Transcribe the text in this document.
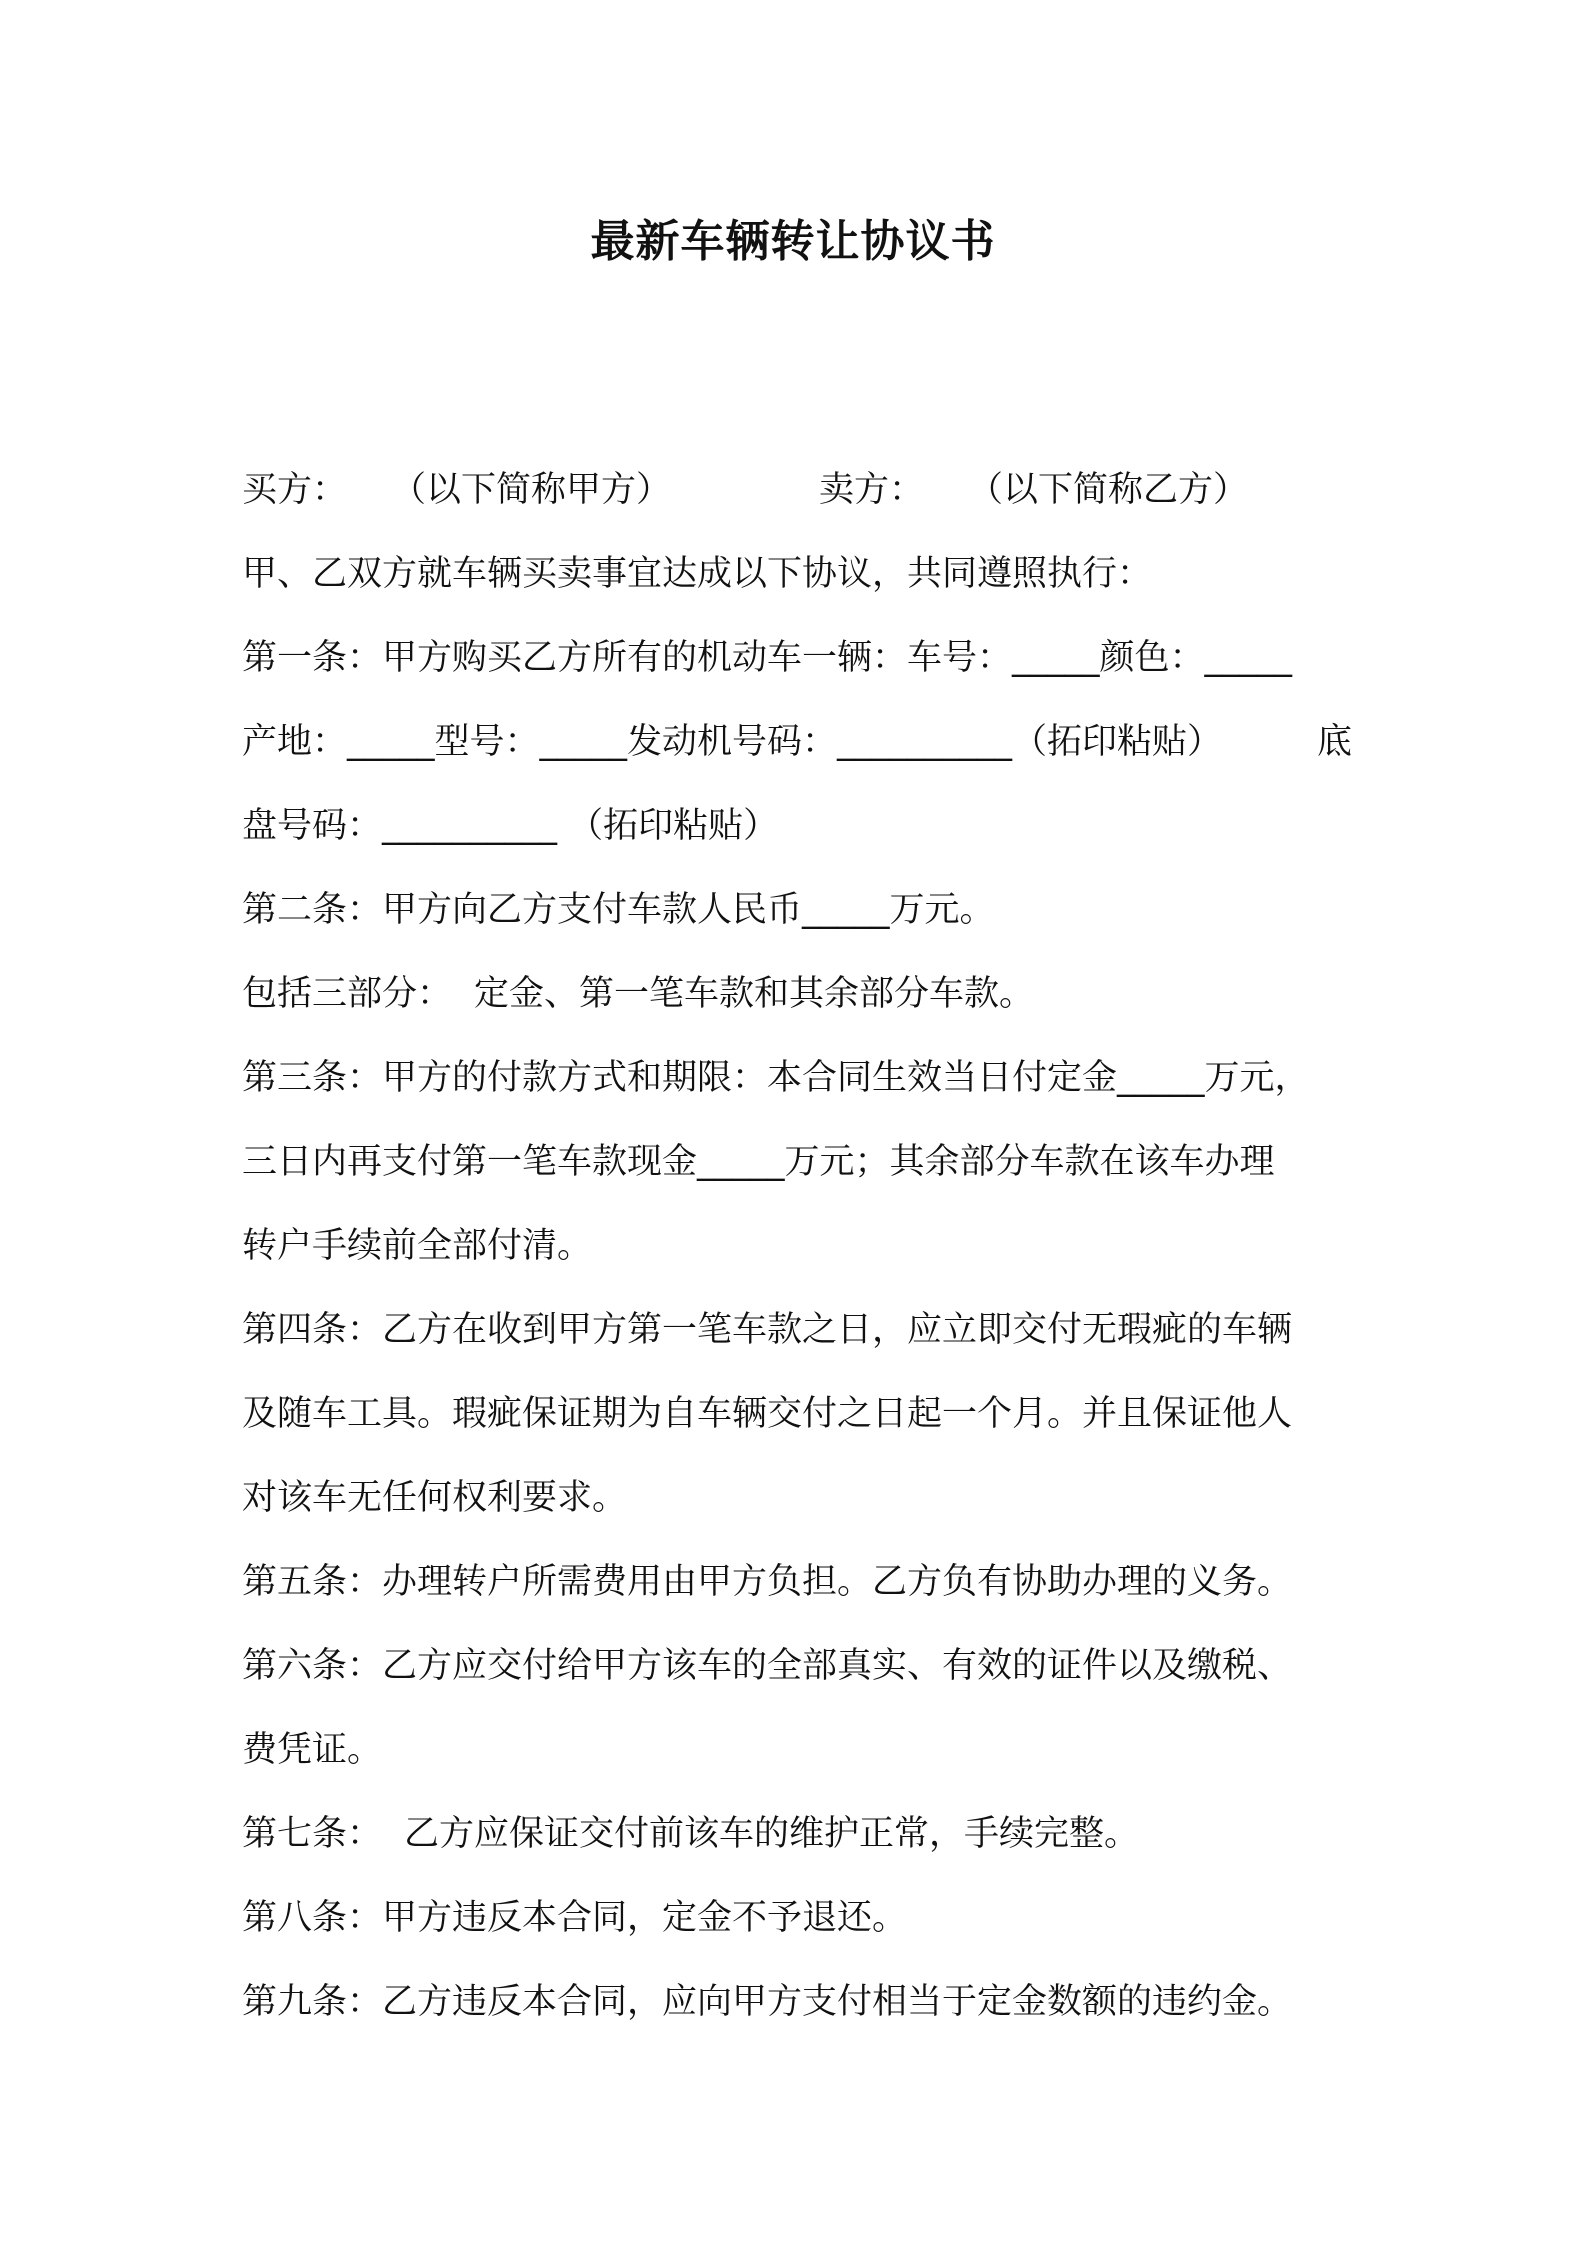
最新车辆转让协议书
买方： （以下简称甲方）	卖方： （以下简称乙方）
甲、乙双方就车辆买卖事宜达成以下协议，共同遵照执行：
第一条：甲方购买乙方所有的机动车一辆：车号：_____颜色：_____
产地：_____型号：_____发动机号码：__________（拓印粘贴）	底
盘号码：__________ （拓印粘贴）
第二条：甲方向乙方支付车款人民币_____万元。
包括三部分： 定金、第一笔车款和其余部分车款。
第三条：甲方的付款方式和期限：本合同生效当日付定金_____万元，
三日内再支付第一笔车款现金_____万元；其余部分车款在该车办理
转户手续前全部付清。
第四条：乙方在收到甲方第一笔车款之日，应立即交付无瑕疵的车辆
及随车工具。瑕疵保证期为自车辆交付之日起一个月。并且保证他人
对该车无任何权利要求。
第五条：办理转户所需费用由甲方负担。乙方负有协助办理的义务。
第六条：乙方应交付给甲方该车的全部真实、有效的证件以及缴税、
费凭证。
第七条： 乙方应保证交付前该车的维护正常，手续完整。
第八条：甲方违反本合同，定金不予退还。
第九条：乙方违反本合同，应向甲方支付相当于定金数额的违约金。
